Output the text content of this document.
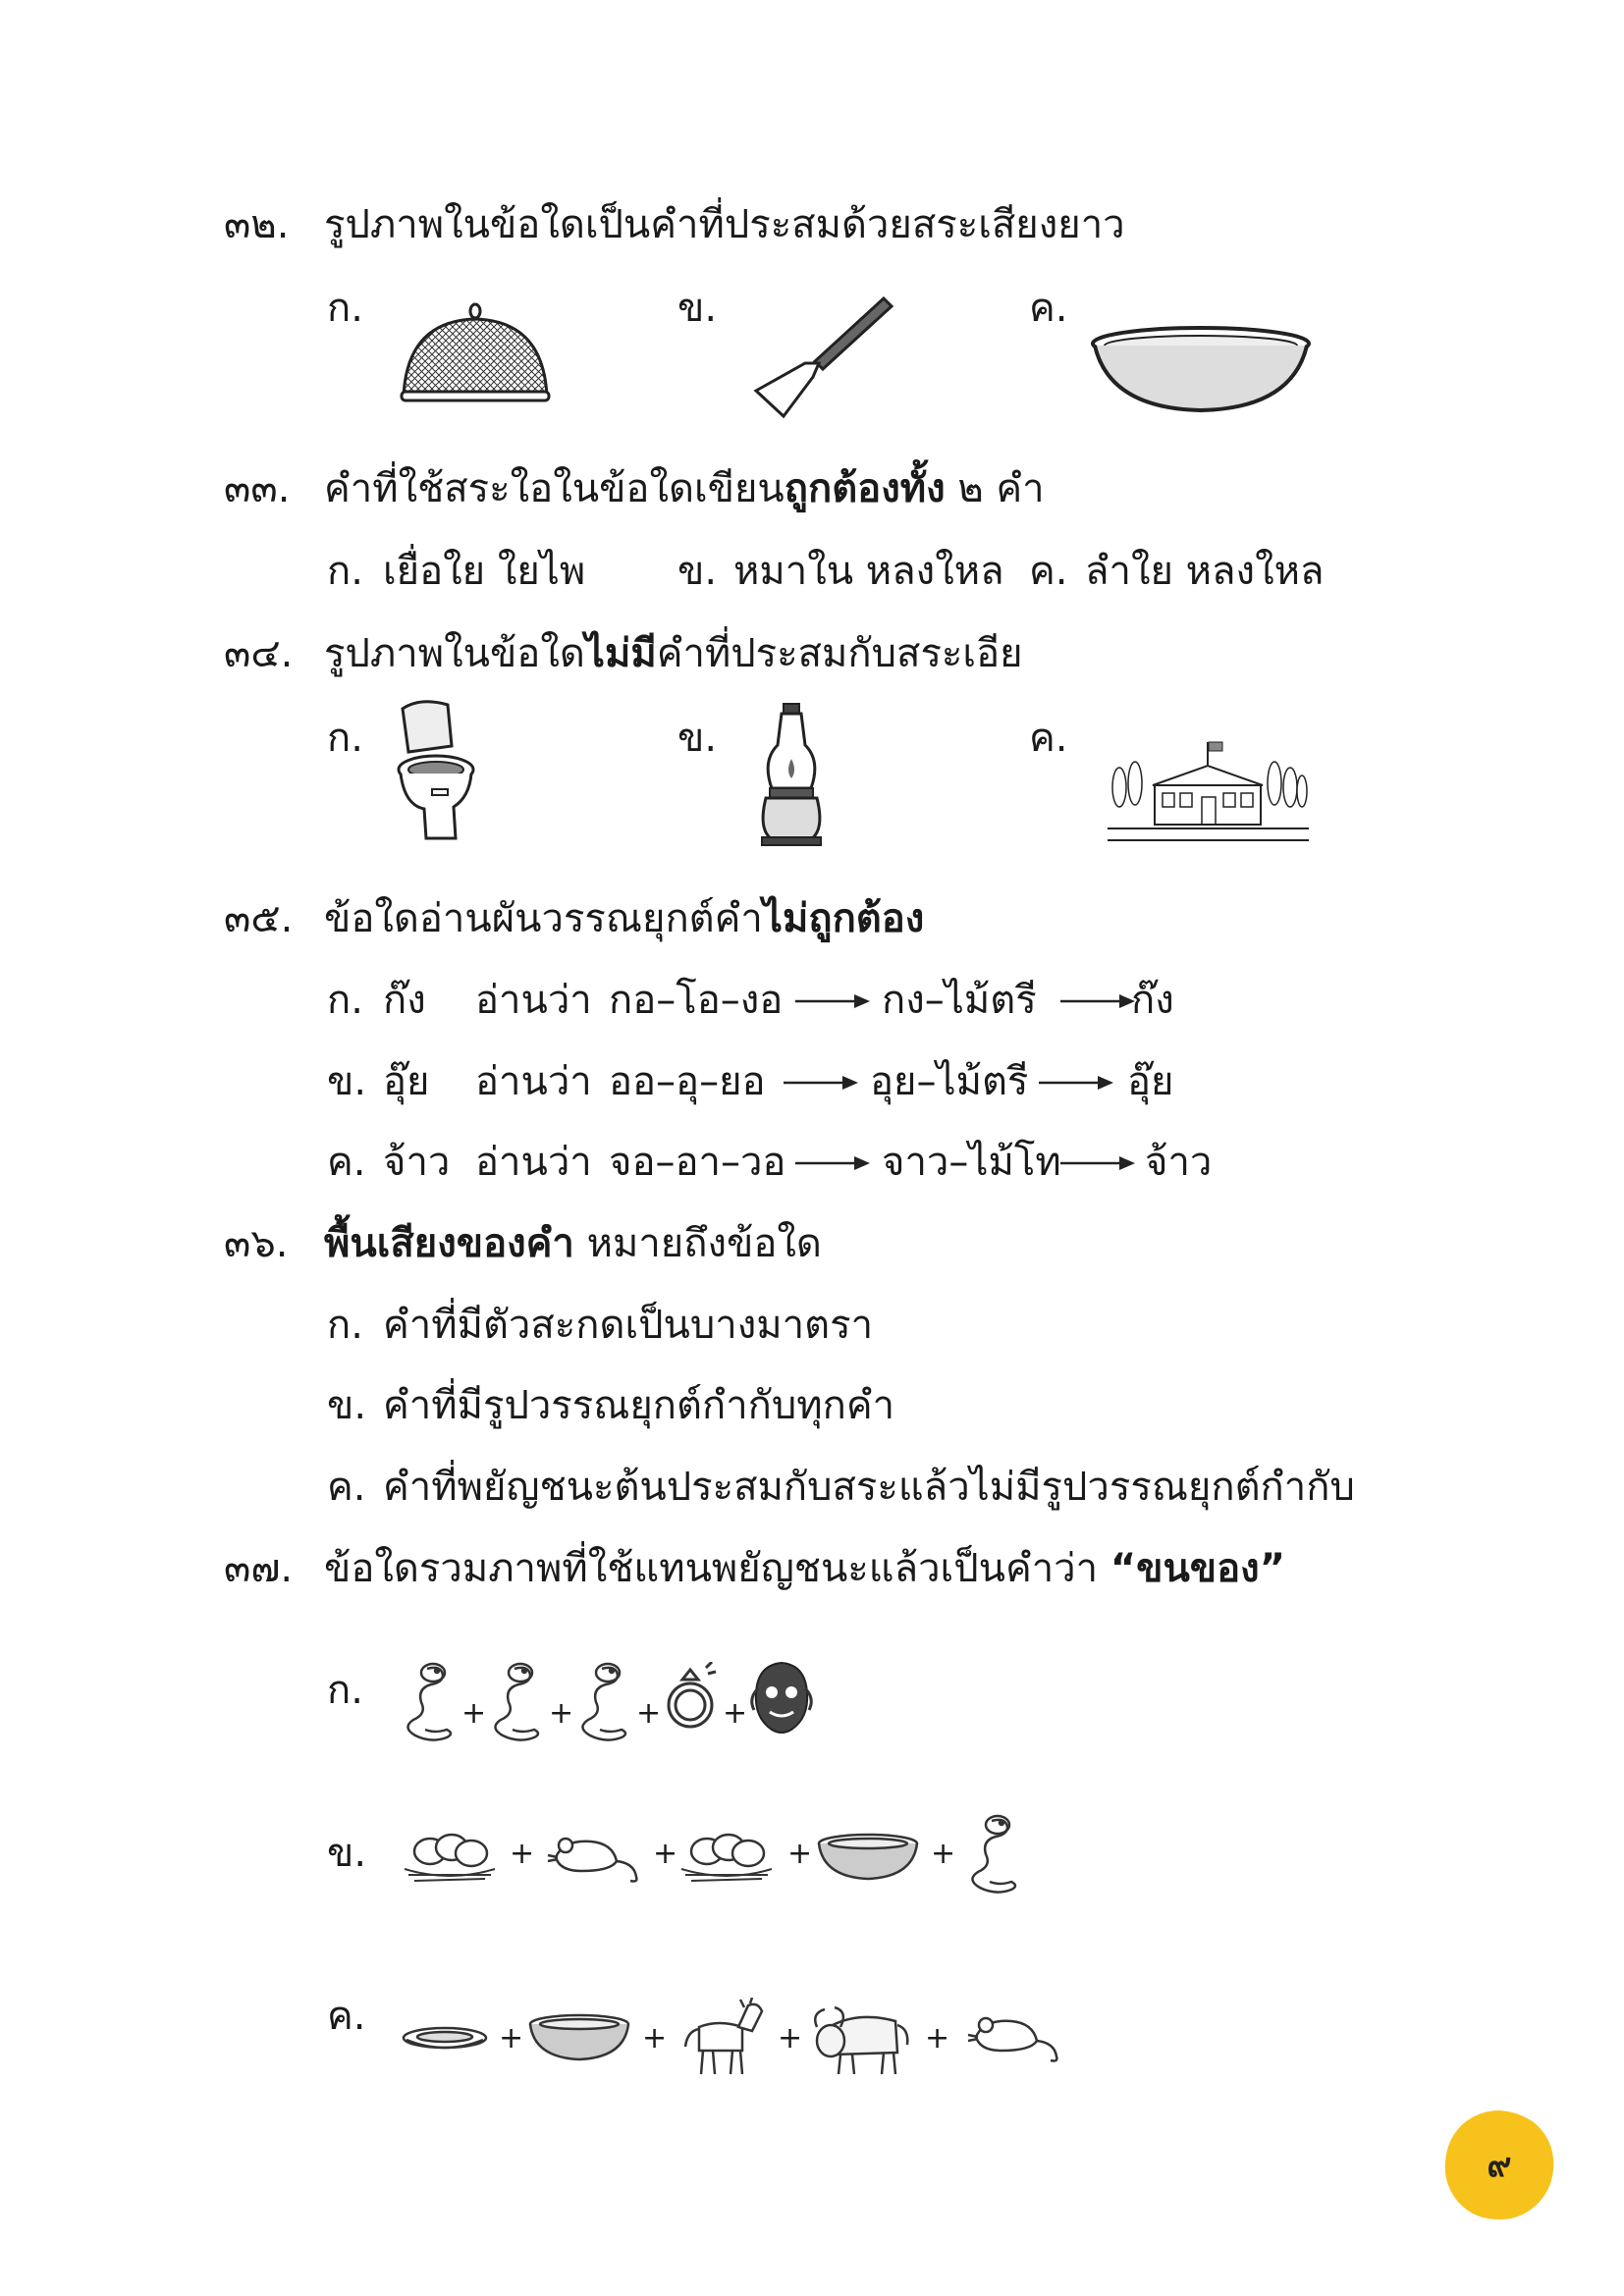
๓๒. รูปภาพในข้อใดเป็นคำที่ประสมด้วยสระเสียงยาว
ก.	ข.	ค.
๓๓. คำที่ใช้สระใอในข้อใดเขียนถูกต้องทั้ง ๒ คำ
ก. เยื่อใย ใยไพ ข. หมาใน หลงใหล ค. ลำใย หลงใหล
๓๔. รูปภาพในข้อใดไม่มีคำที่ประสมกับสระเอีย
ก.	ข.	ค.
๓๕. ข้อใดอ่านผันวรรณยุกต์คำไม่ถูกต้อง
ก. ก๊ง อ่านว่า กอ–โอ–งอ	กง–ไม้ตรี ก๊ง
ข. อุ๊ย อ่านว่า ออ–อุ–ยอ	อุย–ไม้ตรี	อุ๊ย
ค. จ้าว อ่านว่า จอ–อา–วอ จาว–ไม้โท จ้าว
๓๖. พื้นเสียงของคำ หมายถึงข้อใด
ก. คำที่มีตัวสะกดเป็นบางมาตรา
ข. คำที่มีรูปวรรณยุกต์กำกับทุกคำ
ค. คำที่พยัญชนะต้นประสมกับสระแล้วไม่มีรูปวรรณยุกต์กำกับ
๓๗. ข้อใดรวมภาพที่ใช้แทนพยัญชนะแล้วเป็นคำว่า “ขนของ”
ก.
+ + + +
ข.	+	+	+	+
ค.	+	+	+	+
๙
